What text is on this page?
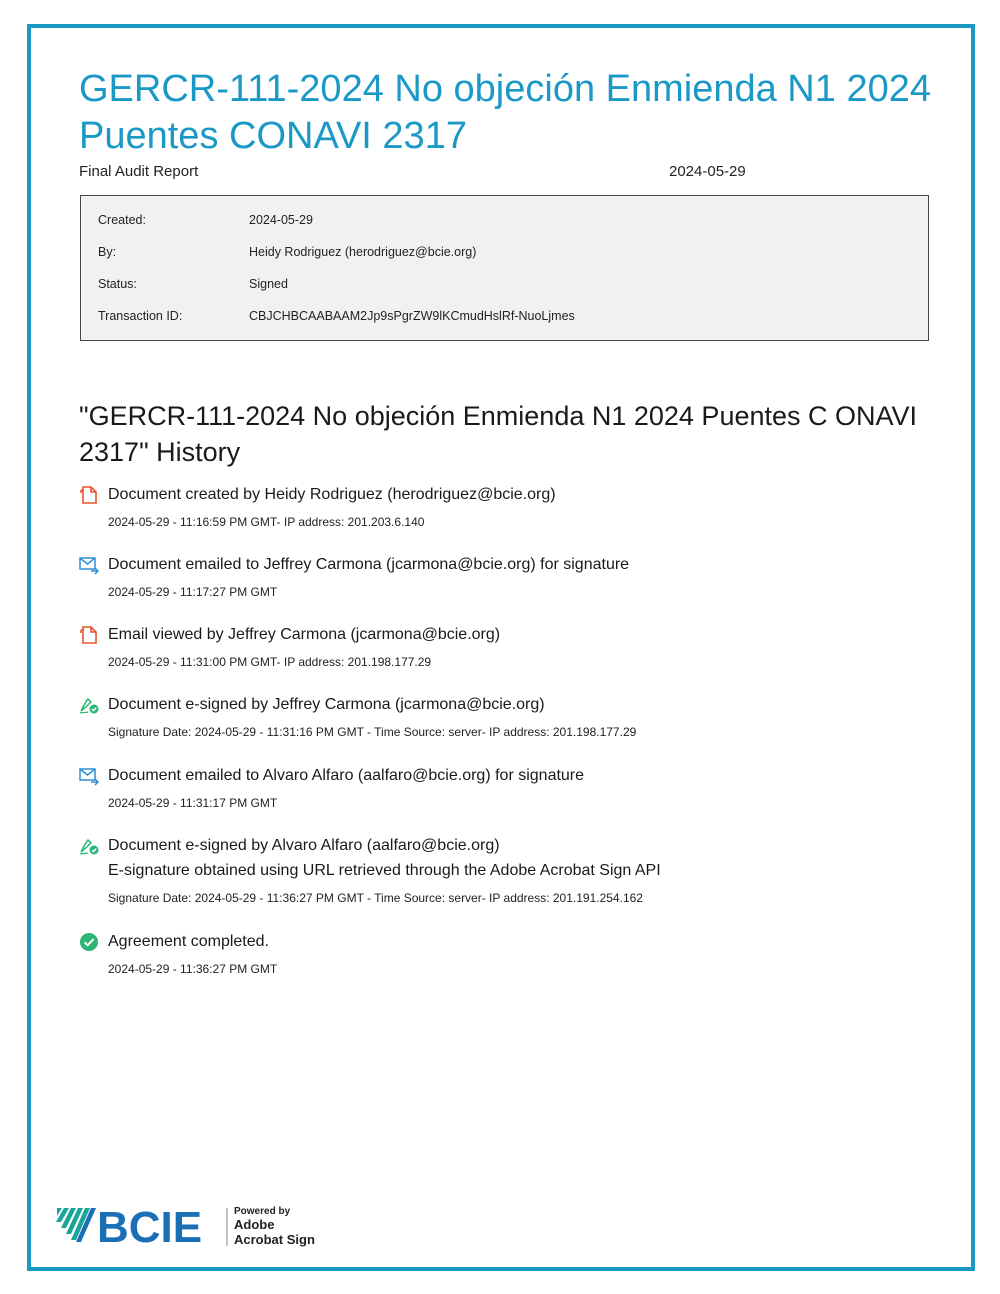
GERCR-111-2024 No objeción Enmienda N1 2024 Puentes CONAVI 2317
Final Audit Report	2024-05-29
Created:	2024-05-29
By:	Heidy Rodriguez (herodriguez@bcie.org)
Status:	Signed
Transaction ID:	CBJCHBCAABAAM2Jp9sPgrZW9lKCmudHslRf-NuoLjmes
"GERCR-111-2024 No objeción Enmienda N1 2024 Puentes C ONAVI 2317" History
Document created by Heidy Rodriguez (herodriguez@bcie.org)
2024-05-29 - 11:16:59 PM GMT- IP address: 201.203.6.140
Document emailed to Jeffrey Carmona (jcarmona@bcie.org) for signature
2024-05-29 - 11:17:27 PM GMT
Email viewed by Jeffrey Carmona (jcarmona@bcie.org)
2024-05-29 - 11:31:00 PM GMT- IP address: 201.198.177.29
Document e-signed by Jeffrey Carmona (jcarmona@bcie.org)
Signature Date: 2024-05-29 - 11:31:16 PM GMT - Time Source: server- IP address: 201.198.177.29
Document emailed to Alvaro Alfaro (aalfaro@bcie.org) for signature
2024-05-29 - 11:31:17 PM GMT
Document e-signed by Alvaro Alfaro (aalfaro@bcie.org)
E-signature obtained using URL retrieved through the Adobe Acrobat Sign API
Signature Date: 2024-05-29 - 11:36:27 PM GMT - Time Source: server- IP address: 201.191.254.162
Agreement completed.
2024-05-29 - 11:36:27 PM GMT
BCIE	Powered by
Adobe
Acrobat Sign
